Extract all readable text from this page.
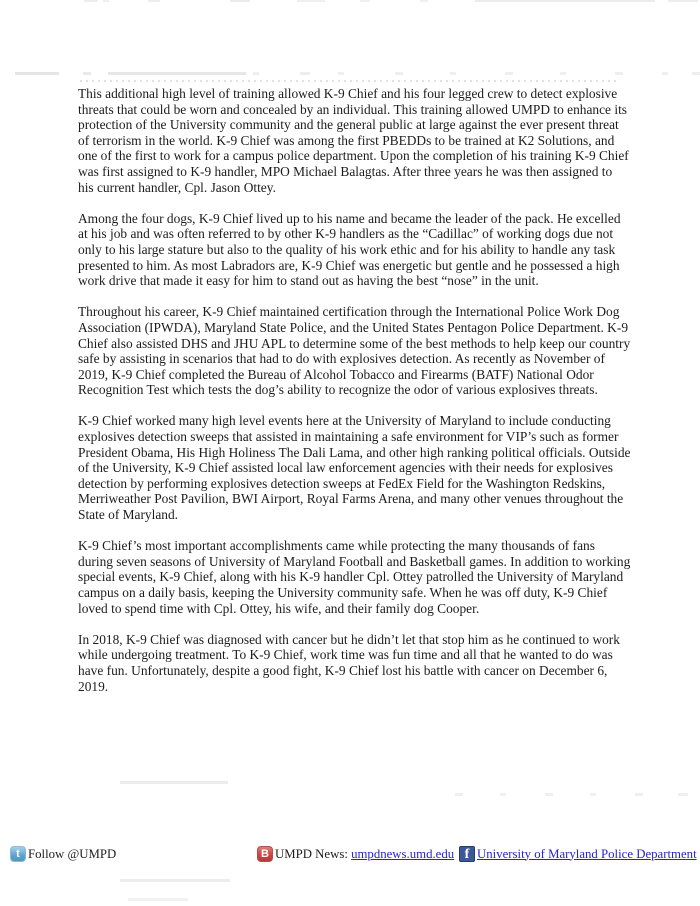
This additional high level of training allowed K-9 Chief and his four legged crew to detect explosive threats that could be worn and concealed by an individual. This training allowed UMPD to enhance its protection of the University community and the general public at large against the ever present threat of terrorism in the world. K-9 Chief was among the first PBEDDs to be trained at K2 Solutions, and one of the first to work for a campus police department. Upon the completion of his training K-9 Chief was first assigned to K-9 handler, MPO Michael Balagtas. After three years he was then assigned to his current handler, Cpl. Jason Ottey.

Among the four dogs, K-9 Chief lived up to his name and became the leader of the pack. He excelled at his job and was often referred to by other K-9 handlers as the “Cadillac” of working dogs due not only to his large stature but also to the quality of his work ethic and for his ability to handle any task presented to him. As most Labradors are, K-9 Chief was energetic but gentle and he possessed a high work drive that made it easy for him to stand out as having the best “nose” in the unit.

Throughout his career, K-9 Chief maintained certification through the International Police Work Dog Association (IPWDA), Maryland State Police, and the United States Pentagon Police Department. K-9 Chief also assisted DHS and JHU APL to determine some of the best methods to help keep our country safe by assisting in scenarios that had to do with explosives detection. As recently as November of 2019, K-9 Chief completed the Bureau of Alcohol Tobacco and Firearms (BATF) National Odor Recognition Test which tests the dog’s ability to recognize the odor of various explosives threats.

K-9 Chief worked many high level events here at the University of Maryland to include conducting explosives detection sweeps that assisted in maintaining a safe environment for VIP’s such as former President Obama, His High Holiness The Dali Lama, and other high ranking political officials. Outside of the University, K-9 Chief assisted local law enforcement agencies with their needs for explosives detection by performing explosives detection sweeps at FedEx Field for the Washington Redskins, Merriweather Post Pavilion, BWI Airport, Royal Farms Arena, and many other venues throughout the State of Maryland.

K-9 Chief’s most important accomplishments came while protecting the many thousands of fans during seven seasons of University of Maryland Football and Basketball games. In addition to working special events, K-9 Chief, along with his K-9 handler Cpl. Ottey patrolled the University of Maryland campus on a daily basis, keeping the University community safe. When he was off duty, K-9 Chief loved to spend time with Cpl. Ottey, his wife, and their family dog Cooper.

In 2018, K-9 Chief was diagnosed with cancer but he didn’t let that stop him as he continued to work while undergoing treatment. To K-9 Chief, work time was fun time and all that he wanted to do was have fun. Unfortunately, despite a good fight, K-9 Chief lost his battle with cancer on December 6, 2019.

t Follow @UMPD	B UMPD News: umpdnews.umd.edu f University of Maryland Police Department
